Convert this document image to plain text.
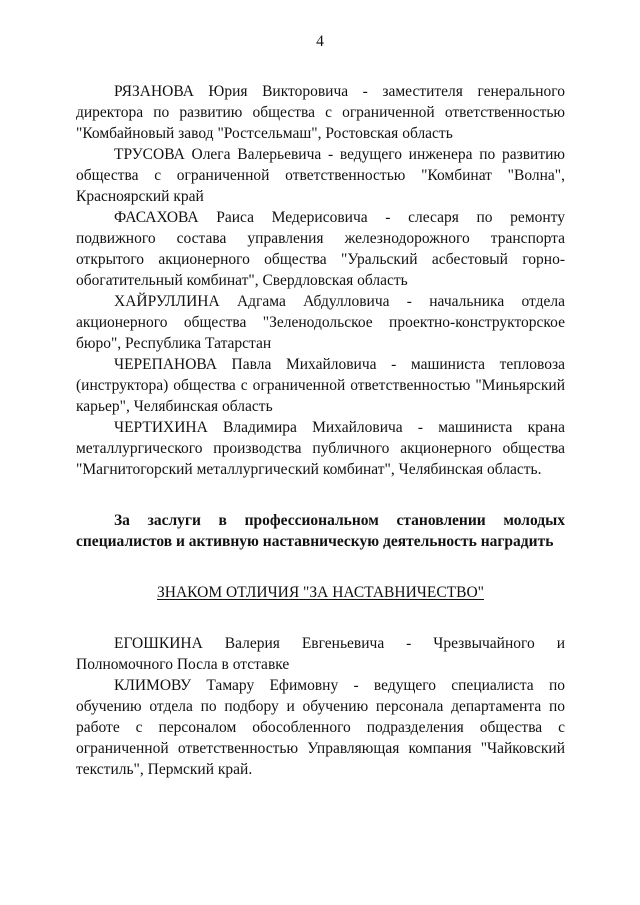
4

РЯЗАНОВА Юрия Викторовича - заместителя генерального директора по развитию общества с ограниченной ответственностью "Комбайновый завод "Ростсельмаш", Ростовская область

ТРУСОВА Олега Валерьевича - ведущего инженера по развитию общества с ограниченной ответственностью "Комбинат "Волна", Красноярский край

ФАСАХОВА Раиса Медерисовича - слесаря по ремонту подвижного состава управления железнодорожного транспорта открытого акционерного общества "Уральский асбестовый горно-обогатительный комбинат", Свердловская область

ХАЙРУЛЛИНА Адгама Абдулловича - начальника отдела акционерного общества "Зеленодольское проектно-конструкторское бюро", Республика Татарстан

ЧЕРЕПАНОВА Павла Михайловича - машиниста тепловоза (инструктора) общества с ограниченной ответственностью "Миньярский карьер", Челябинская область

ЧЕРТИХИНА Владимира Михайловича - машиниста крана металлургического производства публичного акционерного общества "Магнитогорский металлургический комбинат", Челябинская область.

За заслуги в профессиональном становлении молодых специалистов и активную наставническую деятельность наградить

ЗНАКОМ ОТЛИЧИЯ "ЗА НАСТАВНИЧЕСТВО"

ЕГОШКИНА Валерия Евгеньевича - Чрезвычайного и Полномочного Посла в отставке

КЛИМОВУ Тамару Ефимовну - ведущего специалиста по обучению отдела по подбору и обучению персонала департамента по работе с персоналом обособленного подразделения общества с ограниченной ответственностью Управляющая компания "Чайковский текстиль", Пермский край.
